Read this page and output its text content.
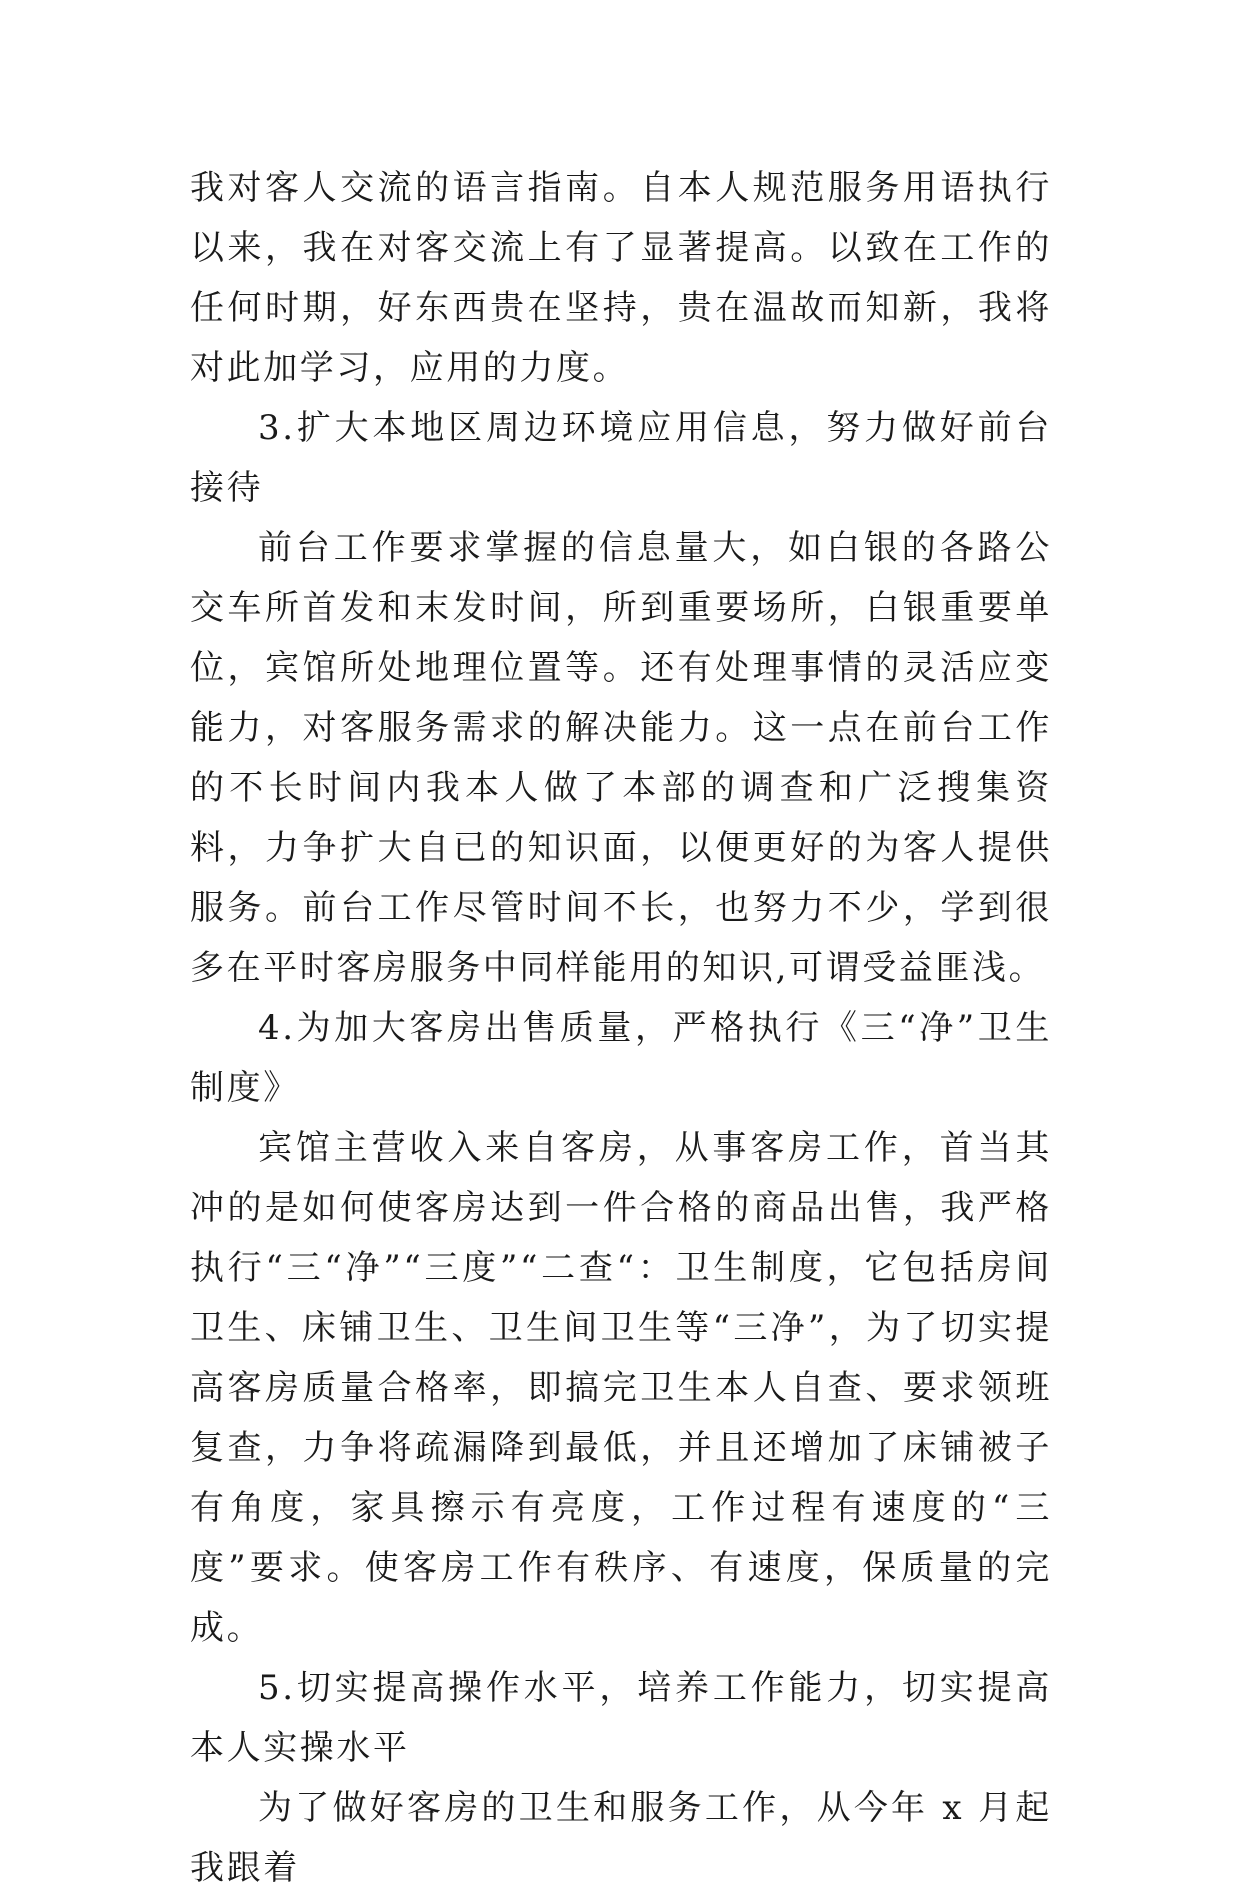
我对客人交流的语言指南。自本人规范服务用语执行以来，我在对客交流上有了显著提高。以致在工作的任何时期，好东西贵在坚持，贵在温故而知新，我将对此加学习，应用的力度。

3.扩大本地区周边环境应用信息，努力做好前台接待

前台工作要求掌握的信息量大，如白银的各路公交车所首发和末发时间，所到重要场所，白银重要单位，宾馆所处地理位置等。还有处理事情的灵活应变能力，对客服务需求的解决能力。这一点在前台工作的不长时间内我本人做了本部的调查和广泛搜集资料，力争扩大自已的知识面，以便更好的为客人提供服务。前台工作尽管时间不长，也努力不少，学到很多在平时客房服务中同样能用的知识,可谓受益匪浅。

4.为加大客房出售质量，严格执行《三“净”卫生制度》

宾馆主营收入来自客房，从事客房工作，首当其冲的是如何使客房达到一件合格的商品出售，我严格执行“三“净”“三度”“二查“：卫生制度，它包括房间卫生、床铺卫生、卫生间卫生等“三净”，为了切实提高客房质量合格率，即搞完卫生本人自查、要求领班复查，力争将疏漏降到最低，并且还增加了床铺被子有角度，家具擦示有亮度，工作过程有速度的“三度”要求。使客房工作有秩序、有速度，保质量的完成。

5.切实提高操作水平，培养工作能力，切实提高本人实操水平

为了做好客房的卫生和服务工作，从今年 x 月起我跟着
